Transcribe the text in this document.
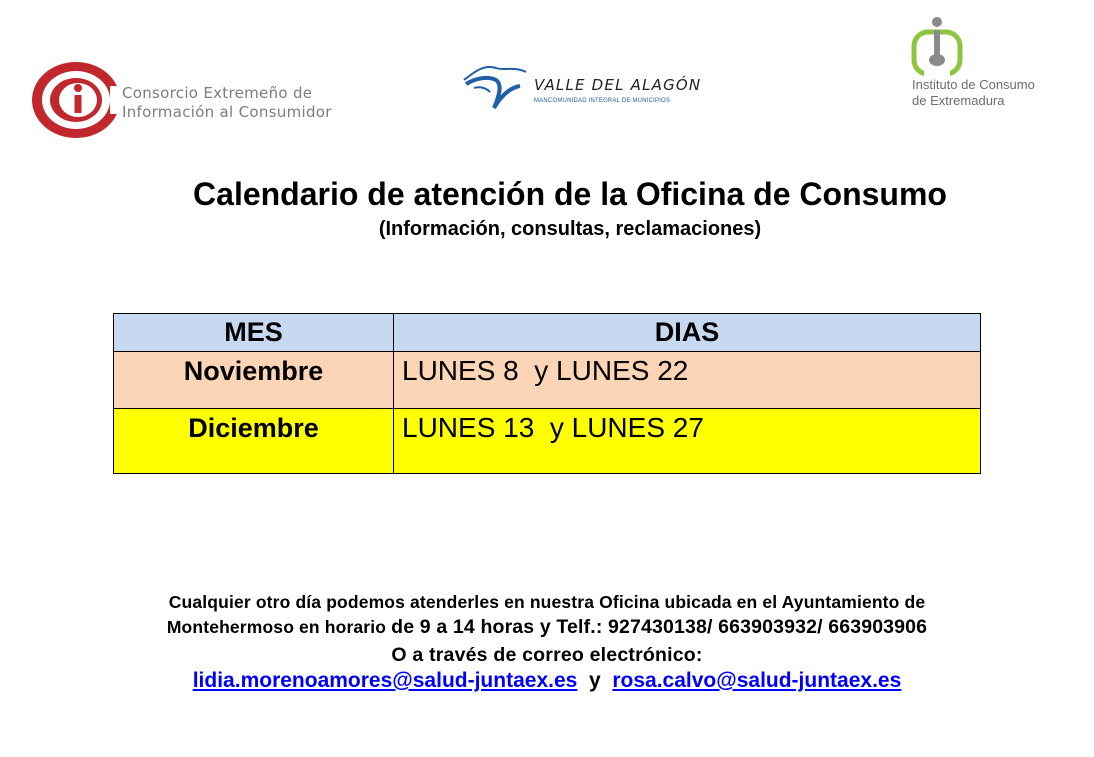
Consorcio Extremeño de
Información al Consumidor
VALLE DEL ALAGÓN
MANCOMUNIDAD INTEGRAL DE MUNICIPIOS
Instituto de Consumo
de Extremadura
Calendario de atención de la Oficina de Consumo
(Información, consultas, reclamaciones)
MES	DIAS
Noviembre	LUNES 8  y LUNES 22
Diciembre	LUNES 13  y LUNES 27
Cualquier otro día podemos atenderles en nuestra Oficina ubicada en el Ayuntamiento de
Montehermoso en horario de 9 a 14 horas y Telf.: 927430138/ 663903932/ 663903906
O a través de correo electrónico:
lidia.morenoamores@salud-juntaex.es y rosa.calvo@salud-juntaex.es
